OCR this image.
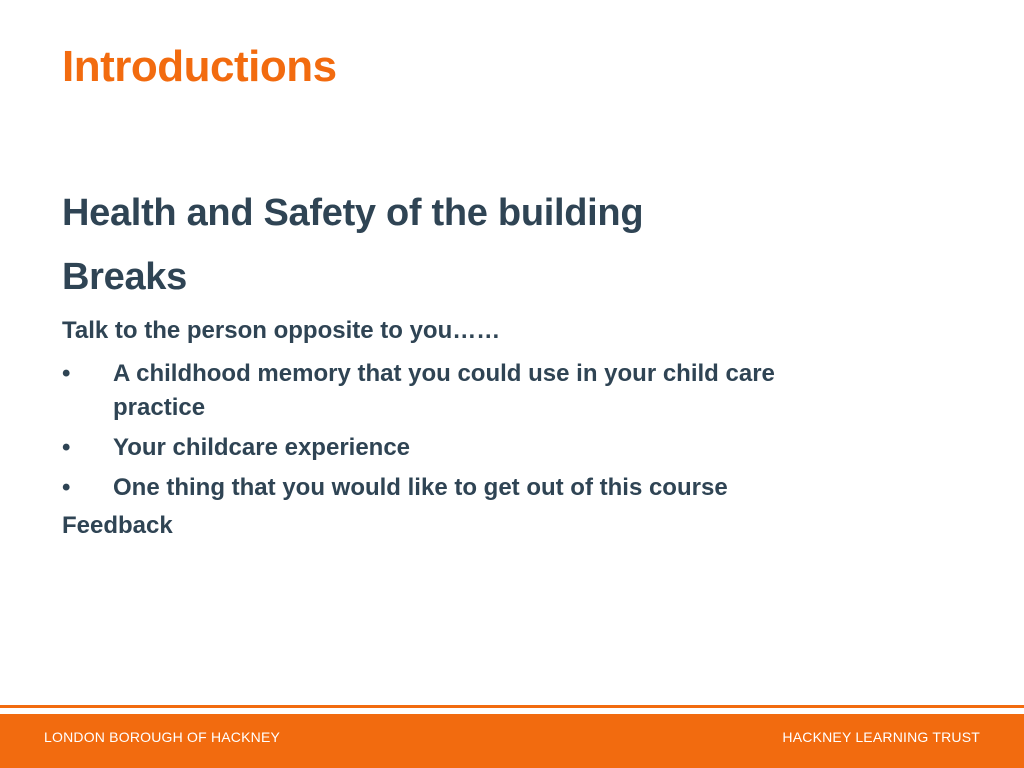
Introductions
Health and Safety of the building
Breaks
Talk to the person opposite to you……
•	A childhood memory that you could use in your child care practice
•	Your childcare experience
•	One thing that you would like to get out of this course
Feedback
LONDON BOROUGH OF HACKNEY	HACKNEY LEARNING TRUST
